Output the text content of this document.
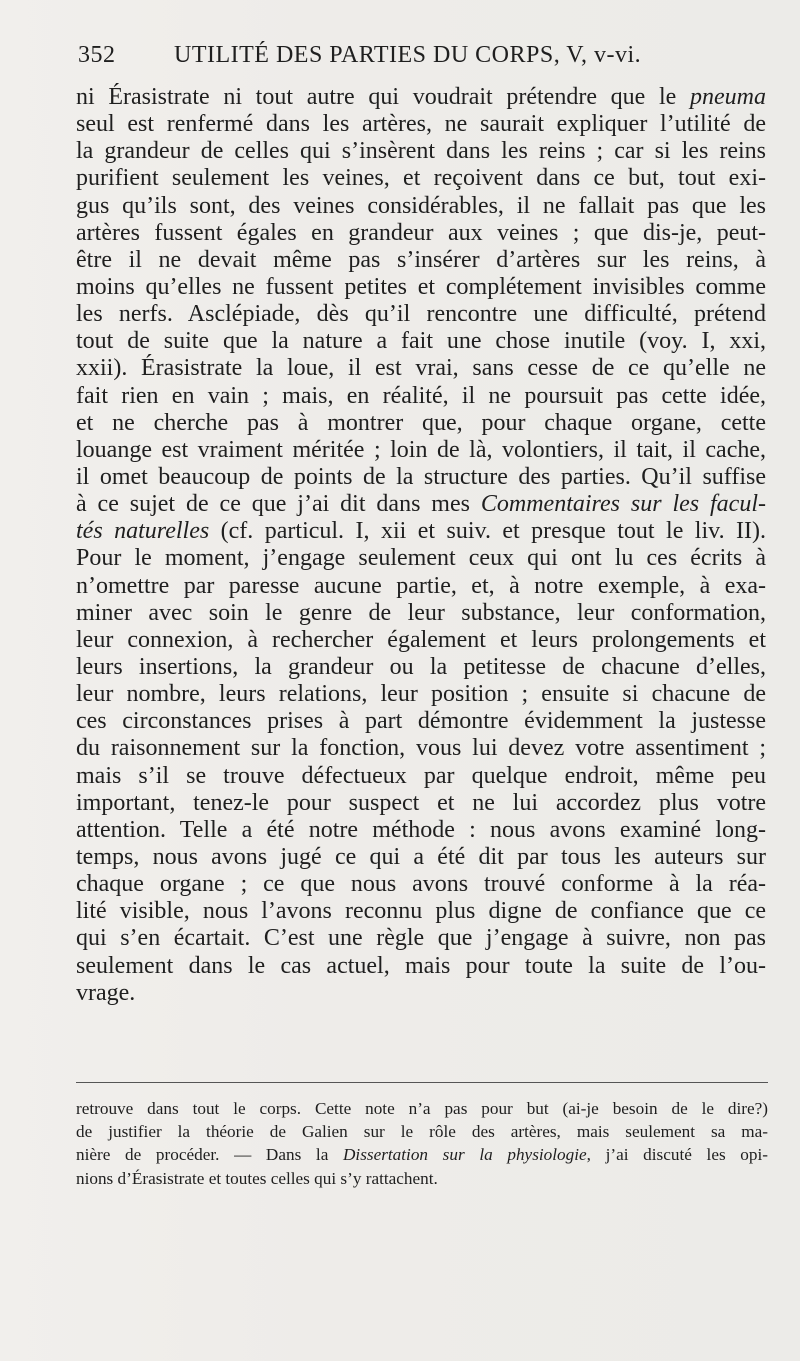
352 UTILITÉ DES PARTIES DU CORPS, V, v-vi.
ni Érasistrate ni tout autre qui voudrait prétendre que le pneuma
seul est renfermé dans les artères, ne saurait expliquer l’utilité de
la grandeur de celles qui s’insèrent dans les reins ; car si les reins
purifient seulement les veines, et reçoivent dans ce but, tout exi-
gus qu’ils sont, des veines considérables, il ne fallait pas que les
artères fussent égales en grandeur aux veines ; que dis-je, peut-
être il ne devait même pas s’insérer d’artères sur les reins, à
moins qu’elles ne fussent petites et complétement invisibles comme
les nerfs. Asclépiade, dès qu’il rencontre une difficulté, prétend
tout de suite que la nature a fait une chose inutile (voy. I, xxi,
xxii). Érasistrate la loue, il est vrai, sans cesse de ce qu’elle ne
fait rien en vain ; mais, en réalité, il ne poursuit pas cette idée,
et ne cherche pas à montrer que, pour chaque organe, cette
louange est vraiment méritée ; loin de là, volontiers, il tait, il cache,
il omet beaucoup de points de la structure des parties. Qu’il suffise
à ce sujet de ce que j’ai dit dans mes Commentaires sur les facul-
tés naturelles (cf. particul. I, xii et suiv. et presque tout le liv. II).
Pour le moment, j’engage seulement ceux qui ont lu ces écrits à
n’omettre par paresse aucune partie, et, à notre exemple, à exa-
miner avec soin le genre de leur substance, leur conformation,
leur connexion, à rechercher également et leurs prolongements et
leurs insertions, la grandeur ou la petitesse de chacune d’elles,
leur nombre, leurs relations, leur position ; ensuite si chacune de
ces circonstances prises à part démontre évidemment la justesse
du raisonnement sur la fonction, vous lui devez votre assentiment ;
mais s’il se trouve défectueux par quelque endroit, même peu
important, tenez-le pour suspect et ne lui accordez plus votre
attention. Telle a été notre méthode : nous avons examiné long-
temps, nous avons jugé ce qui a été dit par tous les auteurs sur
chaque organe ; ce que nous avons trouvé conforme à la réa-
lité visible, nous l’avons reconnu plus digne de confiance que ce
qui s’en écartait. C’est une règle que j’engage à suivre, non pas
seulement dans le cas actuel, mais pour toute la suite de l’ou-
vrage.
retrouve dans tout le corps. Cette note n’a pas pour but (ai-je besoin de le dire?)
de justifier la théorie de Galien sur le rôle des artères, mais seulement sa ma-
nière de procéder. — Dans la Dissertation sur la physiologie, j’ai discuté les opi-
nions d’Érasistrate et toutes celles qui s’y rattachent.
